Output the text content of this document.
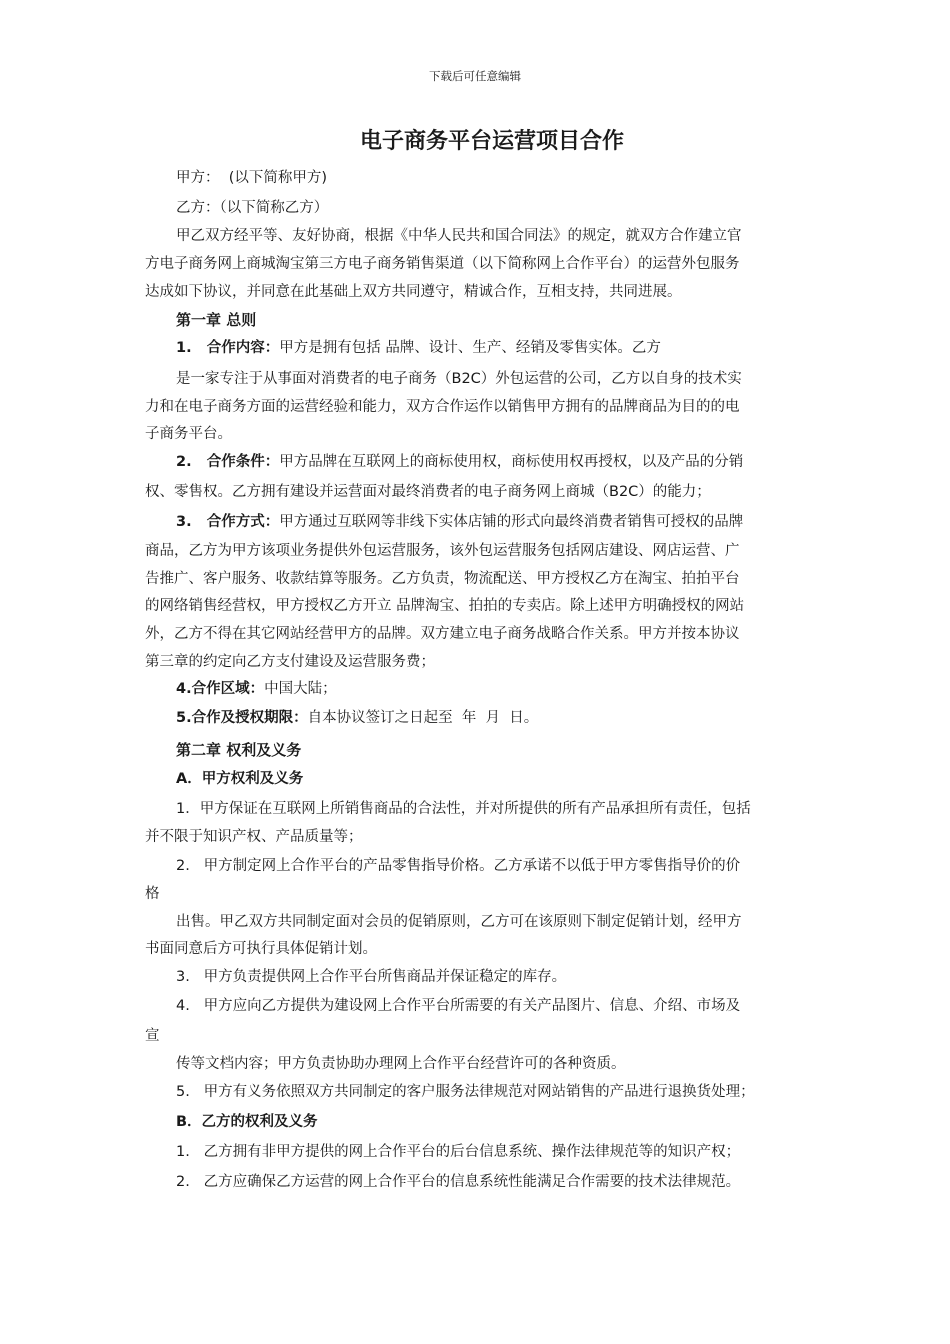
下载后可任意编辑
电子商务平台运营项目合作
甲方：  (以下简称甲方)
乙方：（以下简称乙方）
甲乙双方经平等、友好协商，根据《中华人民共和国合同法》的规定，就双方合作建立官
方电子商务网上商城淘宝第三方电子商务销售渠道（以下简称网上合作平台）的运营外包服务
达成如下协议，并同意在此基础上双方共同遵守，精诚合作，互相支持，共同进展。
第一章 总则
1.   合作内容：甲方是拥有包括 品牌、设计、生产、经销及零售实体。乙方
是一家专注于从事面对消费者的电子商务（B2C）外包运营的公司，乙方以自身的技术实
力和在电子商务方面的运营经验和能力，双方合作运作以销售甲方拥有的品牌商品为目的的电
子商务平台。
2.   合作条件：甲方品牌在互联网上的商标使用权，商标使用权再授权，以及产品的分销
权、零售权。乙方拥有建设并运营面对最终消费者的电子商务网上商城（B2C）的能力；
3.   合作方式：甲方通过互联网等非线下实体店铺的形式向最终消费者销售可授权的品牌
商品，乙方为甲方该项业务提供外包运营服务，该外包运营服务包括网店建设、网店运营、广
告推广、客户服务、收款结算等服务。乙方负责，物流配送、甲方授权乙方在淘宝、拍拍平台
的网络销售经营权，甲方授权乙方开立 品牌淘宝、拍拍的专卖店。除上述甲方明确授权的网站
外，乙方不得在其它网站经营甲方的品牌。双方建立电子商务战略合作关系。甲方并按本协议
第三章的约定向乙方支付建设及运营服务费；
4.合作区域：中国大陆；
5.合作及授权期限：自本协议签订之日起至  年  月  日。
第二章 权利及义务
A．甲方权利及义务
1．甲方保证在互联网上所销售商品的合法性，并对所提供的所有产品承担所有责任，包括
并不限于知识产权、产品质量等；
2.   甲方制定网上合作平台的产品零售指导价格。乙方承诺不以低于甲方零售指导价的价
格
出售。甲乙双方共同制定面对会员的促销原则，乙方可在该原则下制定促销计划，经甲方
书面同意后方可执行具体促销计划。
3.   甲方负责提供网上合作平台所售商品并保证稳定的库存。
4.   甲方应向乙方提供为建设网上合作平台所需要的有关产品图片、信息、介绍、市场及
宣
传等文档内容；甲方负责协助办理网上合作平台经营许可的各种资质。
5.   甲方有义务依照双方共同制定的客户服务法律规范对网站销售的产品进行退换货处理；
B．乙方的权利及义务
1.   乙方拥有非甲方提供的网上合作平台的后台信息系统、操作法律规范等的知识产权；
2.   乙方应确保乙方运营的网上合作平台的信息系统性能满足合作需要的技术法律规范。
